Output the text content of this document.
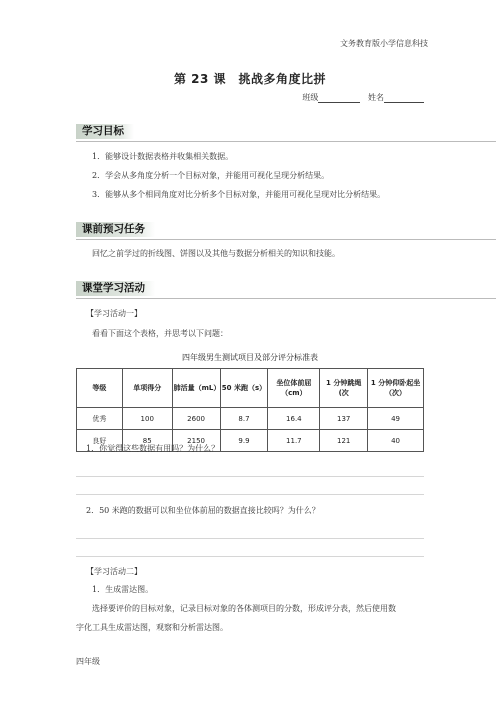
文务教育版小学信息科技
第 23 课　挑战多角度比拼
班级	姓名
学习目标
1．能够设计数据表格并收集相关数据。
2．学会从多角度分析一个目标对象，并能用可视化呈现分析结果。
3．能够从多个相同角度对比分析多个目标对象，并能用可视化呈现对比分析结果。
课前预习任务
回忆之前学过的折线图、饼图以及其他与数据分析相关的知识和技能。
课堂学习活动
【学习活动一】
看看下面这个表格，并思考以下问题：
四年级男生测试项目及部分评分标准表
等级	单项得分	肺活量（mL）	50 米跑（s）	坐位体前屈（cm）	1 分钟跳绳(次	1 分钟仰卧起坐（次）
优秀	100	2600	8.7	16.4	137	49
良好	85	2150	9.9	11.7	121	40
1．你觉得这些数据有用吗？为什么？
2．50 米跑的数据可以和坐位体前屈的数据直接比较吗？为什么？
【学习活动二】
1．生成雷达图。
选择要评价的目标对象，记录目标对象的各体测项目的分数，形成评分表，然后使用数
字化工具生成雷达图，观察和分析雷达图。
四年级
